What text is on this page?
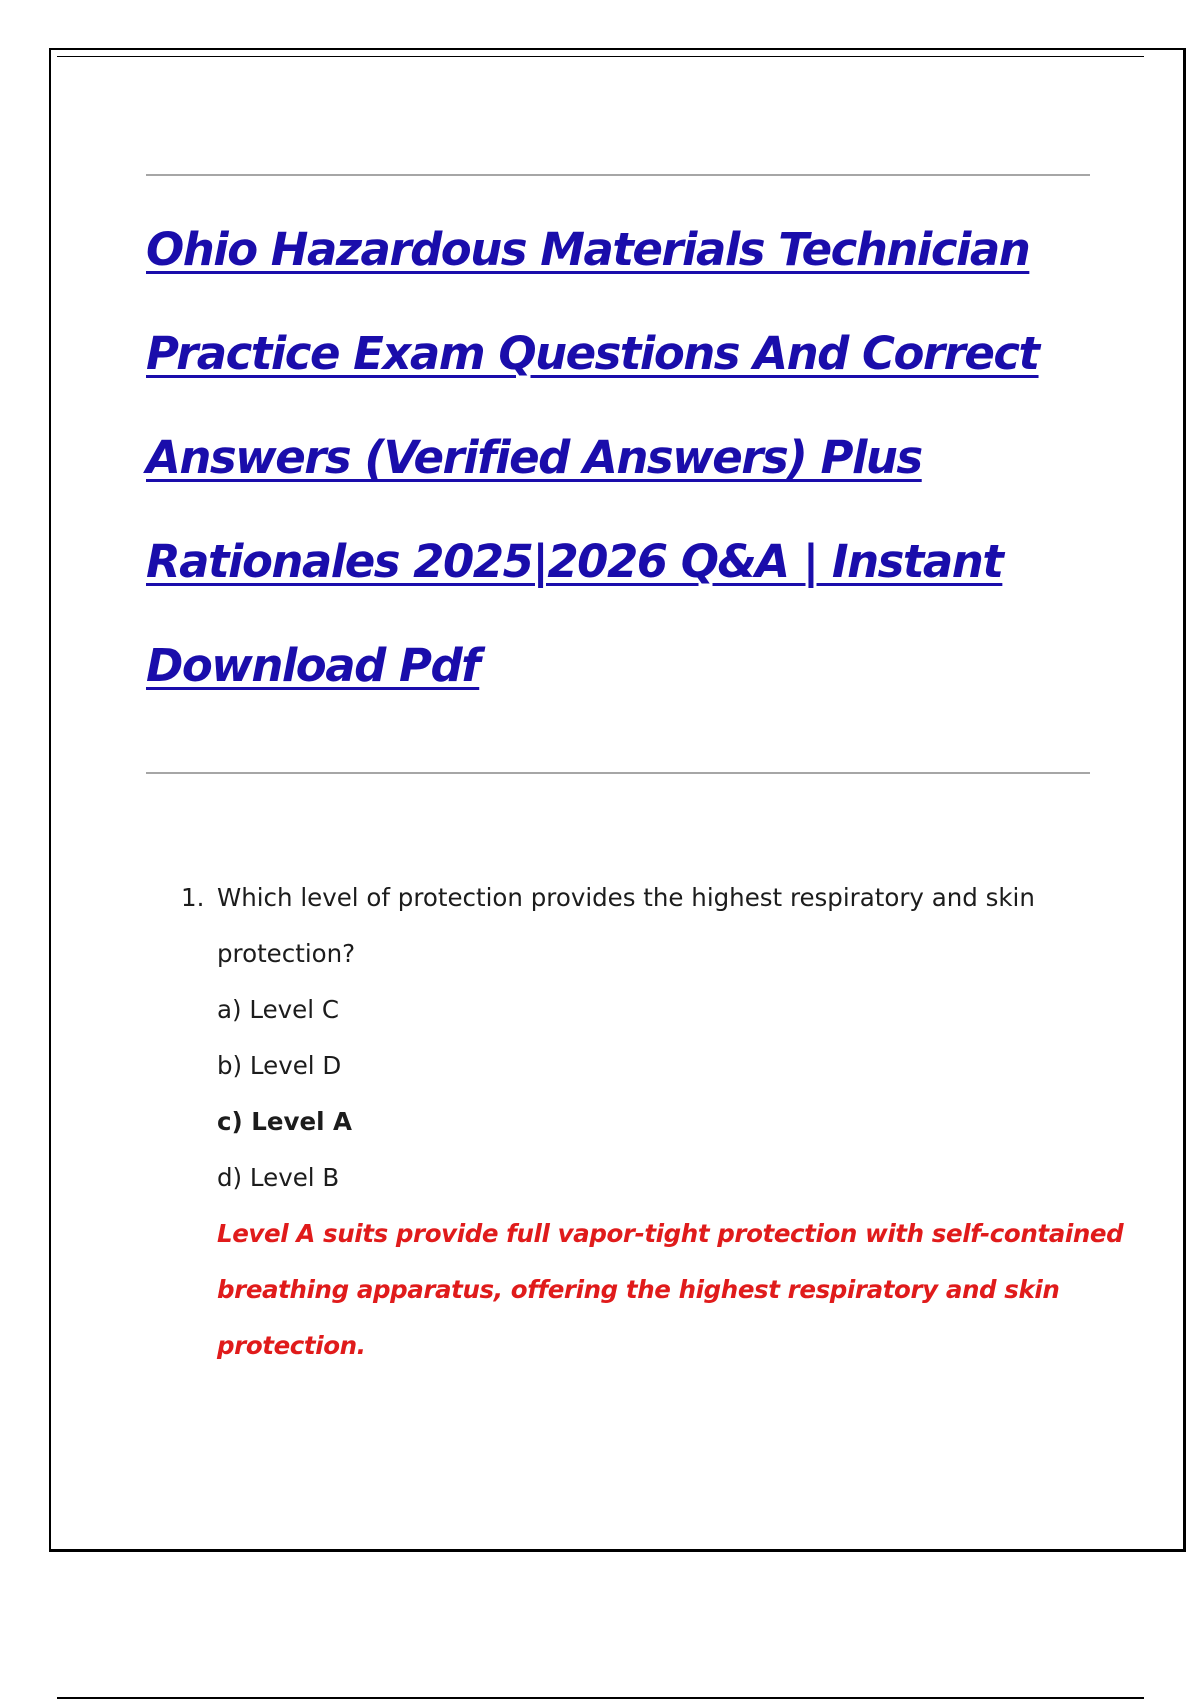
Ohio Hazardous Materials Technician
Practice Exam Questions And Correct
Answers (Verified Answers) Plus
Rationales 2025|2026 Q&A | Instant
Download Pdf
1. Which level of protection provides the highest respiratory and skin
protection?
a) Level C
b) Level D
c) Level A
d) Level B
Level A suits provide full vapor-tight protection with self-contained
breathing apparatus, offering the highest respiratory and skin
protection.
